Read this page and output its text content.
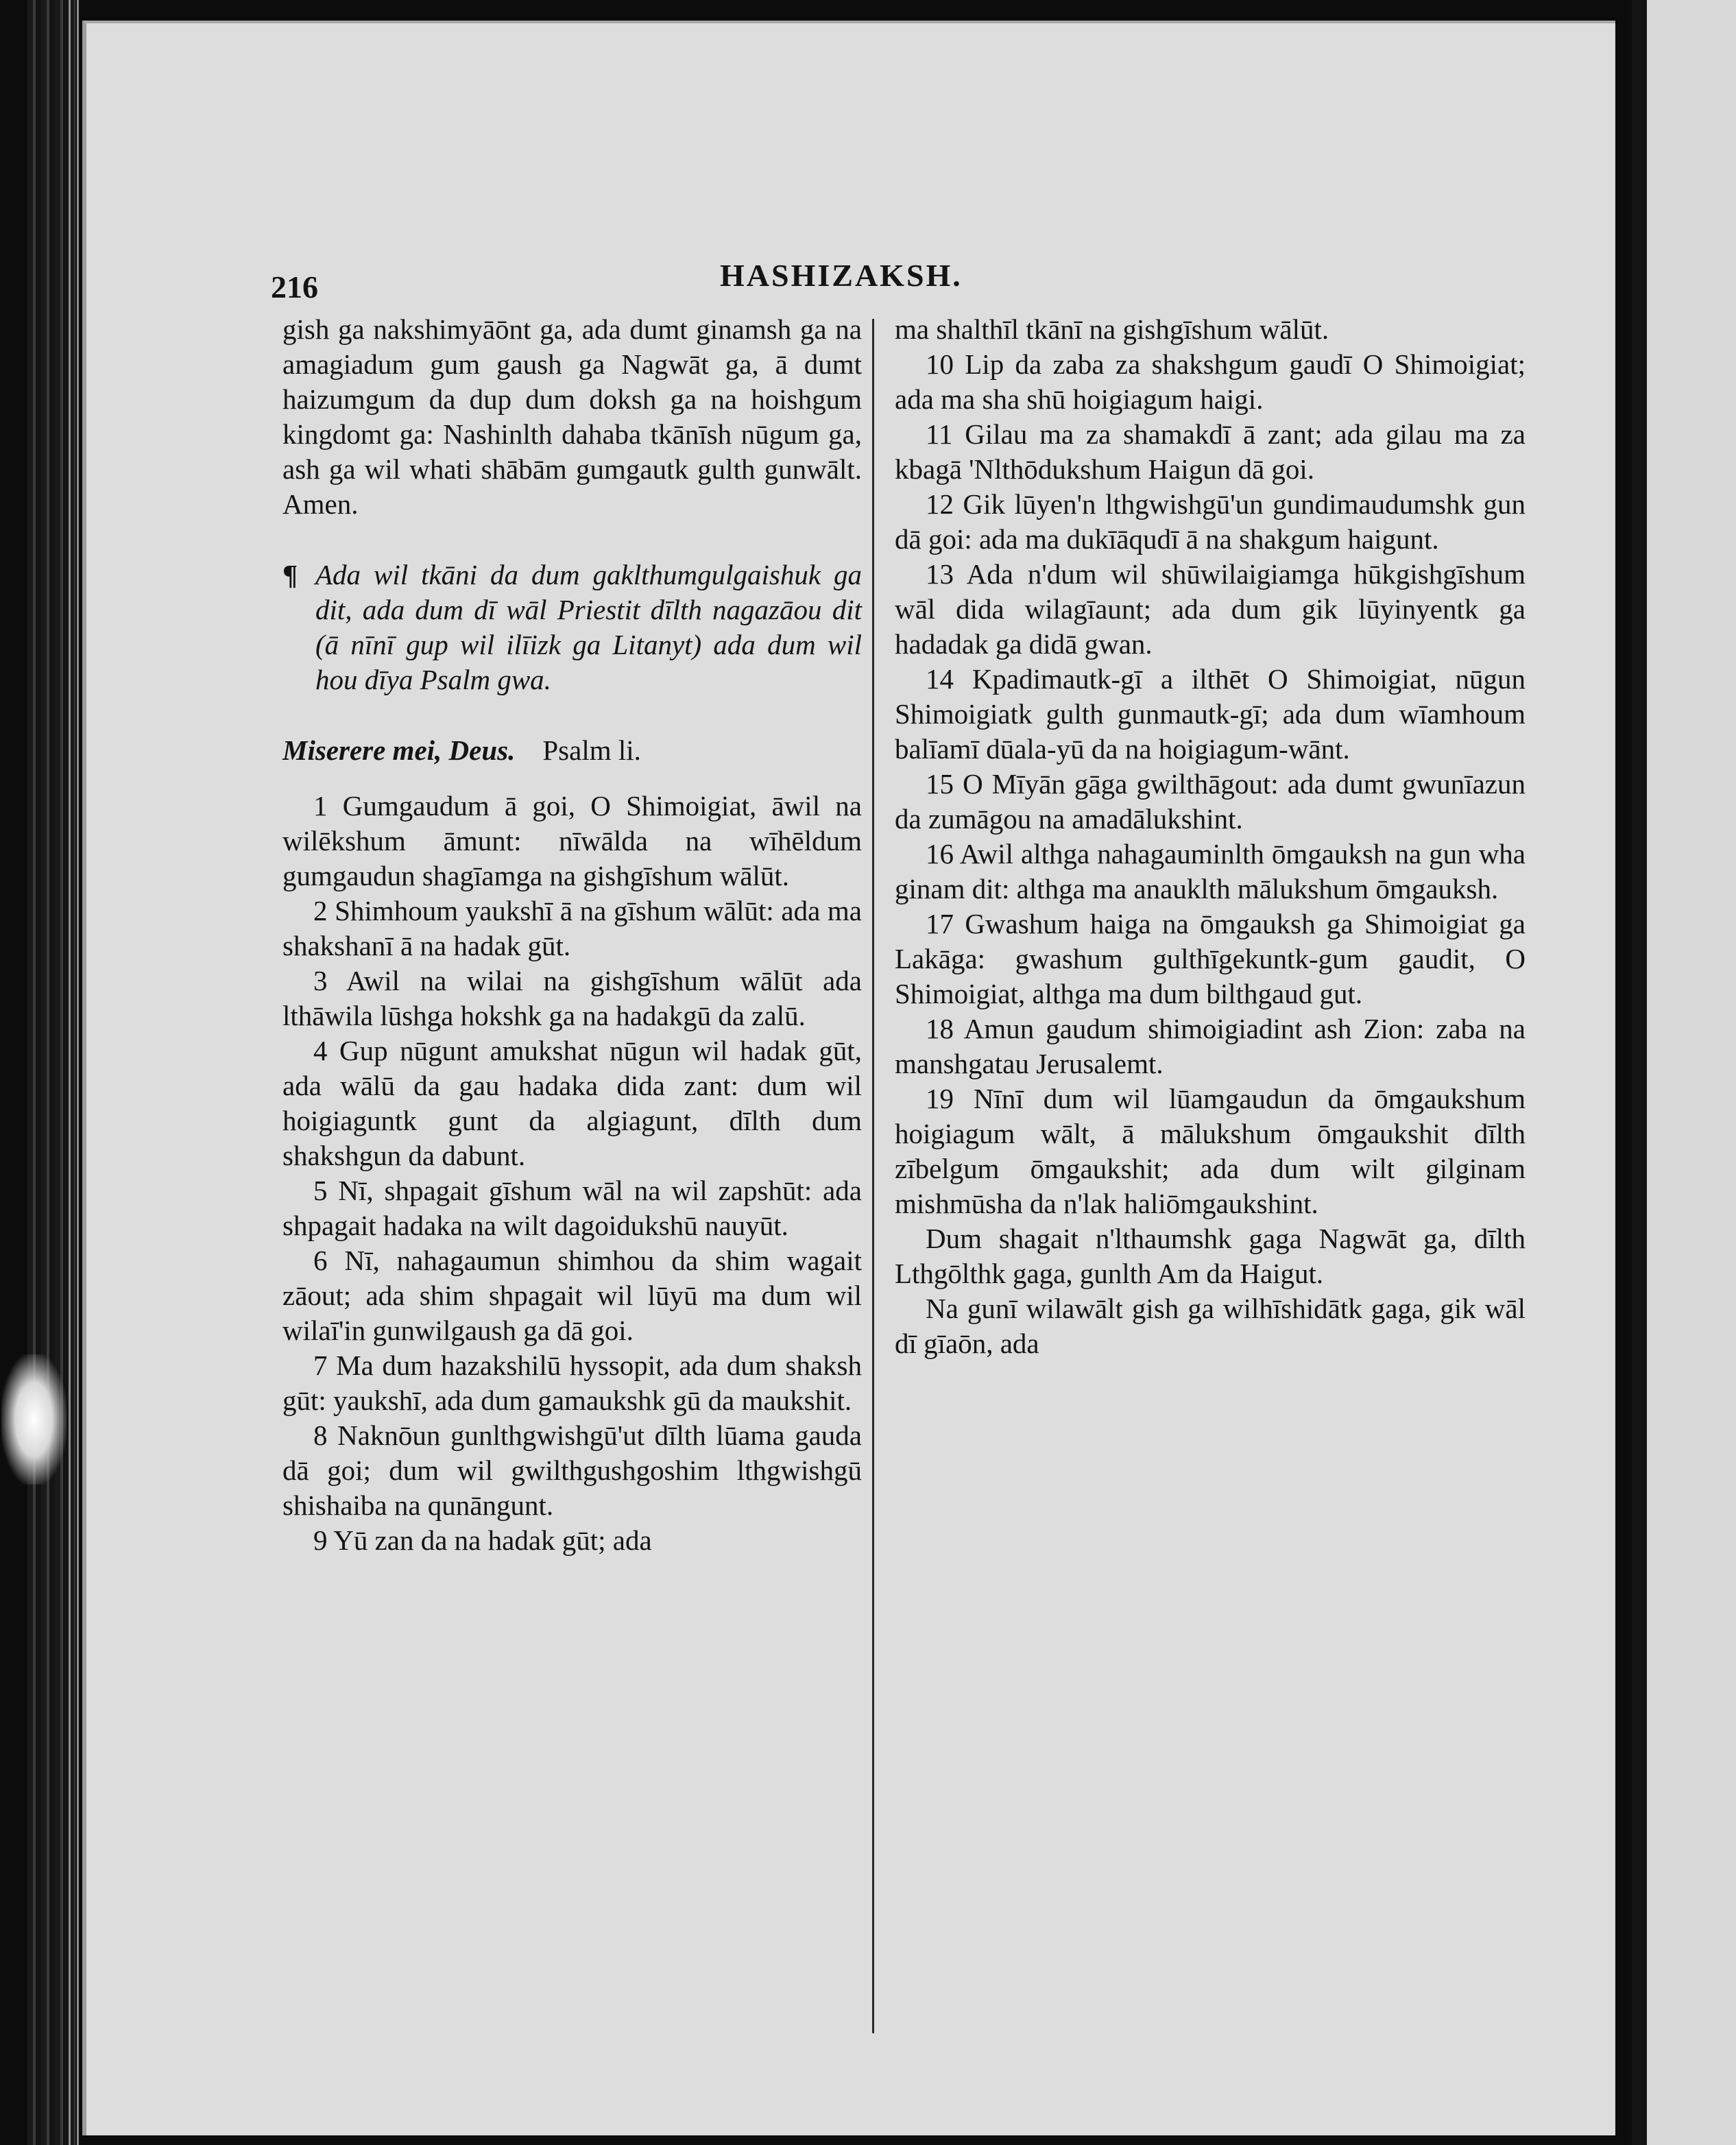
216	HASHIZAKSH.

gish ga nakshimyāōnt ga, ada dumt ginamsh ga na amagiadum gum gaush ga Nagwāt ga, ā dumt haizumgum da dup dum doksh ga na hoishgum kingdomt ga: Nashinlth dahaba tkānīsh nūgum ga, ash ga wil whati shābām gumgautk gulth gunwālt. Amen.

¶ Ada wil tkāni da dum gaklthumgulgaishuk ga dit, ada dum dī wāl Priestit dīlth nagazāou dit (ā nīnī gup wil ilīizk ga Litanyt) ada dum wil hou dīya Psalm gwa.

Miserere mei, Deus. Psalm li.

1 Gumgaudum ā goi, O Shimoigiat, āwil na wilēkshum āmunt: nīwālda na wīhēldum gumgaudun shagīamga na gishgīshum wālūt.

2 Shimhoum yaukshī ā na gīshum wālūt: ada ma shakshanī ā na hadak gūt.

3 Awil na wilai na gishgīshum wālūt ada lthāwila lūshga hokshk ga na hadakgū da zalū.

4 Gup nūgunt amukshat nūgun wil hadak gūt, ada wālū da gau hadaka dida zant: dum wil hoigiaguntk gunt da algiagunt, dīlth dum shakshgun da dabunt.

5 Nī, shpagait gīshum wāl na wil zapshūt: ada shpagait hadaka na wilt dagoidukshū nauyūt.

6 Nī, nahagaumun shimhou da shim wagait zāout; ada shim shpagait wil lūyū ma dum wil wilaī'in gunwilgaush ga dā goi.

7 Ma dum hazakshilū hyssopit, ada dum shaksh gūt: yaukshī, ada dum gamaukshk gū da maukshit.

8 Naknōun gunlthgwishgū'ut dīlth lūama gauda dā goi; dum wil gwilthgushgoshim lthgwishgū shishaiba na qunāngunt.

9 Yū zan da na hadak gūt; ada

ma shalthīl tkānī na gishgīshum wālūt.

10 Lip da zaba za shakshgum gaudī O Shimoigiat; ada ma sha shū hoigiagum haigi.

11 Gilau ma za shamakdī ā zant; ada gilau ma za kbagā 'Nlthōdukshum Haigun dā goi.

12 Gik lūyen'n lthgwishgū'un gundimaudumshk gun dā goi: ada ma dukīāqudī ā na shakgum haigunt.

13 Ada n'dum wil shūwilaigiamga hūkgishgīshum wāl dida wilagīaunt; ada dum gik lūyinyentk ga hadadak ga didā gwan.

14 Kpadimautk-gī a ilthēt O Shimoigiat, nūgun Shimoigiatk gulth gunmautk-gī; ada dum wīamhoum balīamī dūala-yū da na hoigiagum-wānt.

15 O Mīyān gāga gwilthāgout: ada dumt gwunīazun da zumāgou na amadālukshint.

16 Awil althga nahagauminlth ōmgauksh na gun wha ginam dit: althga ma anauklth mālukshum ōmgauksh.

17 Gwashum haiga na ōmgauksh ga Shimoigiat ga Lakāga: gwashum gulthīgekuntk-gum gaudit, O Shimoigiat, althga ma dum bilthgaud gut.

18 Amun gaudum shimoigiadint ash Zion: zaba na manshgatau Jerusalemt.

19 Nīnī dum wil lūamgaudun da ōmgaukshum hoigiagum wālt, ā mālukshum ōmgaukshit dīlth zībelgum ōmgaukshit; ada dum wilt gilginam mishmūsha da n'lak haliōmgaukshint.

Dum shagait n'lthaumshk gaga Nagwāt ga, dīlth Lthgōlthk gaga, gunlth Am da Haigut.

Na gunī wilawālt gish ga wilhīshidātk gaga, gik wāl dī gīaōn, ada
